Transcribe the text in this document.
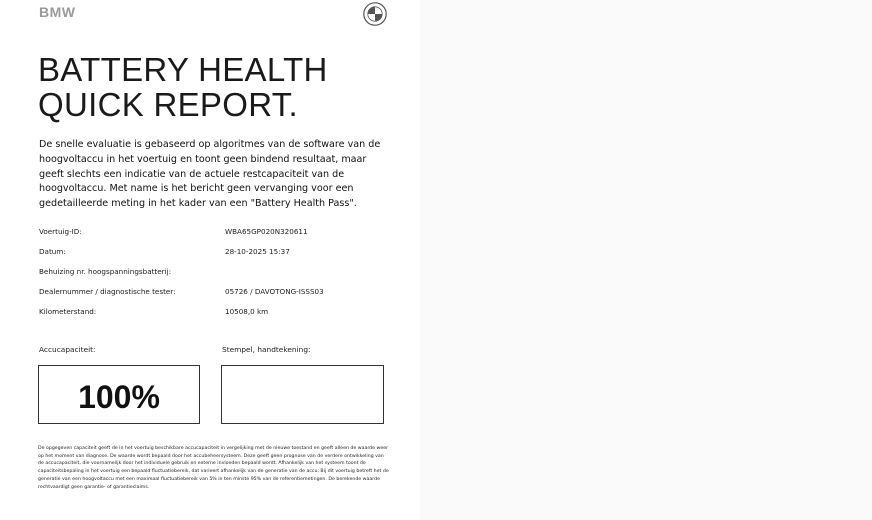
BMW
BATTERY HEALTH
QUICK REPORT.

De snelle evaluatie is gebaseerd op algoritmes van de software van de hoogvoltaccu in het voertuig en toont geen bindend resultaat, maar geeft slechts een indicatie van de actuele restcapaciteit van de hoogvoltaccu. Met name is het bericht geen vervanging voor een gedetailleerde meting in het kader van een "Battery Health Pass".

Voertuig-ID:	WBA65GP020N320611
Datum:	28-10-2025 15:37
Behuizing nr. hoogspanningsbatterij:
Dealernummer / diagnostische tester:	05726 / DAVOTONG-ISSS03
Kilometerstand:	10508,0 km
Accucapaciteit:	Stempel, handtekening:
100%

De opgegeven capaciteit geeft de in het voertuig beschikbare accucapaciteit in vergelijking met de nieuwe toestand en geeft alleen de waarde weer op het moment van diagnose. De waarde wordt bepaald door het accubeheersysteem. Deze geeft geen prognose van de verdere ontwikkeling van de accucapaciteit, die voornamelijk door het individuele gebruik en externe invloeden bepaald wordt. Afhankelijk van het systeem toont de capaciteitsbepaling in het voertuig een bepaald fluctuatiebereik, dat varieert afhankelijk van de generatie van de accu. Bij dit voertuig betreft het de generatie van een hoogvoltaccu met een maximaal fluctuatiebereik van 5% in ten minste 95% van de referentiemetingen. De berekende waarde rechtvaardigt geen garantie- of garantieclaims.
